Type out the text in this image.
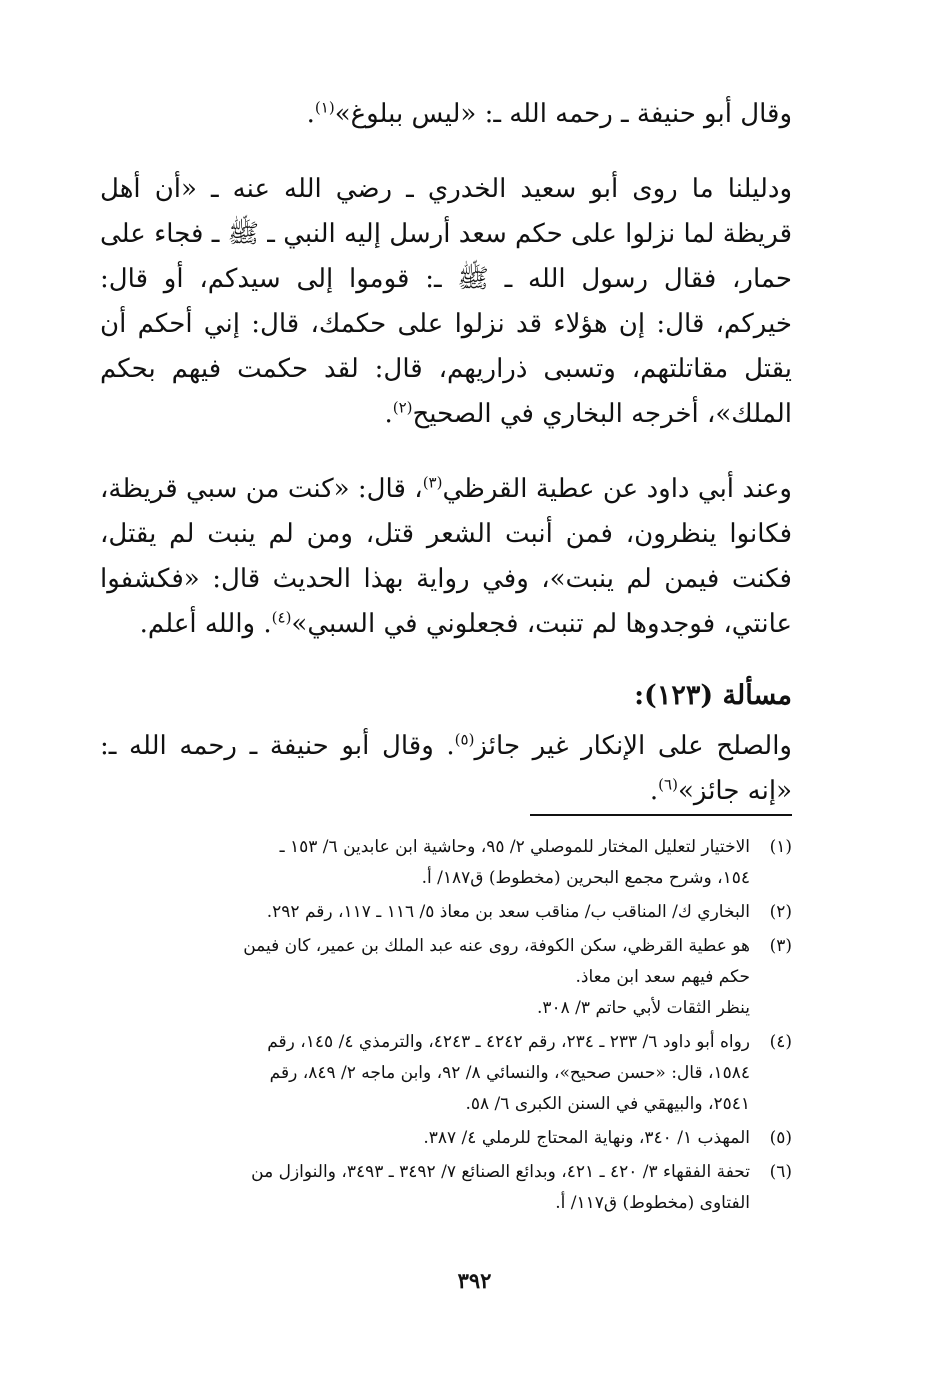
وقال أبو حنيفة ـ رحمه الله ـ: «ليس ببلوغ»$^{(١)}$.

ودليلنا ما روى أبو سعيد الخدري ـ رضي الله عنه ـ «أن أهل قريظة لما نزلوا على حكم سعد أرسل إليه النبي ـ ﷺ ـ فجاء على حمار، فقال رسول الله ـ ﷺ ـ: قوموا إلى سيدكم، أو قال: خيركم، قال: إن هؤلاء قد نزلوا على حكمك، قال: إني أحكم أن يقتل مقاتلتهم، وتسبى ذراريهم، قال: لقد حكمت فيهم بحكم الملك»، أخرجه البخاري في الصحيح$^{(٢)}$.

وعند أبي داود عن عطية القرظي$^{(٣)}$، قال: «كنت من سبي قريظة، فكانوا ينظرون، فمن أنبت الشعر قتل، ومن لم ينبت لم يقتل، فكنت فيمن لم ينبت»، وفي رواية بهذا الحديث قال: «فكشفوا عانتي، فوجدوها لم تنبت، فجعلوني في السبي»$^{(٤)}$. والله أعلم.

مسألة (١٢٣):

والصلح على الإنكار غير جائز$^{(٥)}$. وقال أبو حنيفة ـ رحمه الله ـ: «إنه جائز»$^{(٦)}$.

(١)
الاختيار لتعليل المختار للموصلي ٢/ ٩٥، وحاشية ابن عابدين ٦/ ١٥٣ ـ
١٥٤، وشرح مجمع البحرين (مخطوط) ق١٨٧/ أ.
(٢)
البخاري ك/ المناقب ب/ مناقب سعد بن معاذ ٥/ ١١٦ ـ ١١٧، رقم ٢٩٢.
(٣)
هو عطية القرظي، سكن الكوفة، روى عنه عبد الملك بن عمير، كان فيمن
حكم فيهم سعد ابن معاذ.
ينظر الثقات لأبي حاتم ٣/ ٣٠٨.
(٤)
رواه أبو داود ٦/ ٢٣٣ ـ ٢٣٤، رقم ٤٢٤٢ ـ ٤٢٤٣، والترمذي ٤/ ١٤٥، رقم
١٥٨٤، قال: «حسن صحيح»، والنسائي ٨/ ٩٢، وابن ماجه ٢/ ٨٤٩، رقم
٢٥٤١، والبيهقي في السنن الكبرى ٦/ ٥٨.
(٥)
المهذب ١/ ٣٤٠، ونهاية المحتاج للرملي ٤/ ٣٨٧.
(٦)
تحفة الفقهاء ٣/ ٤٢٠ ـ ٤٢١، وبدائع الصنائع ٧/ ٣٤٩٢ ـ ٣٤٩٣، والنوازل من
الفتاوى (مخطوط) ق١١٧/ أ.
٣٩٢
